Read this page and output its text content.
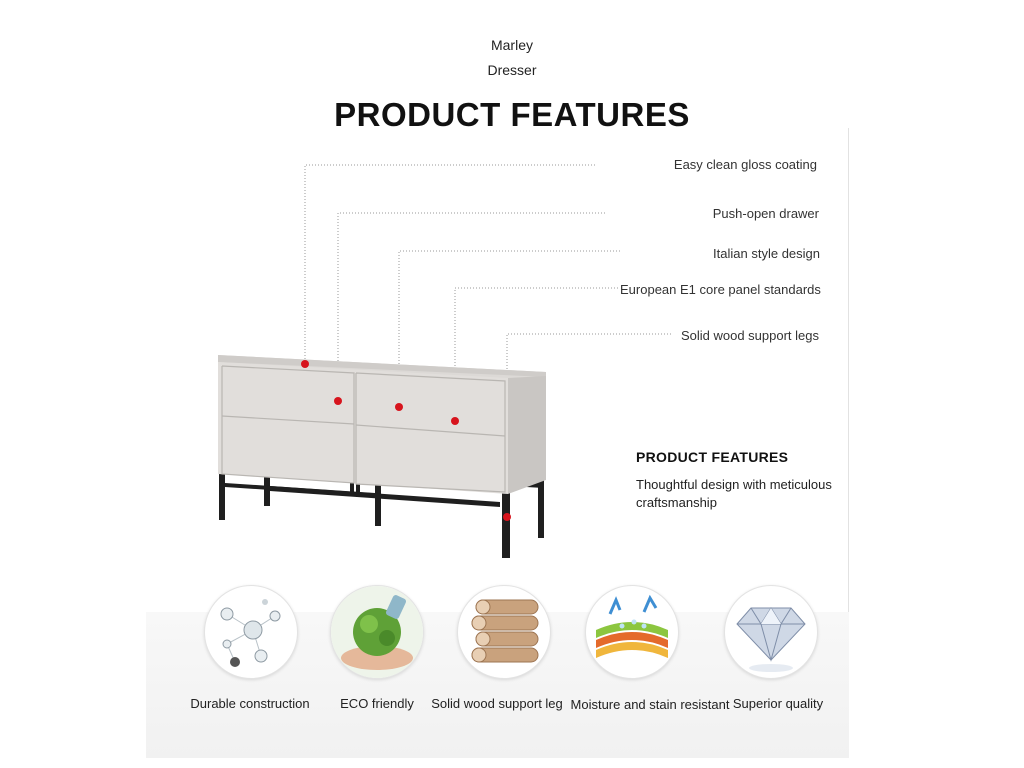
Marley
Dresser
PRODUCT FEATURES
Easy clean gloss coating
Push-open drawer
Italian style design
European E1 core panel standards
Solid wood support legs
PRODUCT FEATURES
Thoughtful design with meticulous craftsmanship
Durable construction	ECO friendly	Solid wood support leg Moisture and stain resistant Superior quality
